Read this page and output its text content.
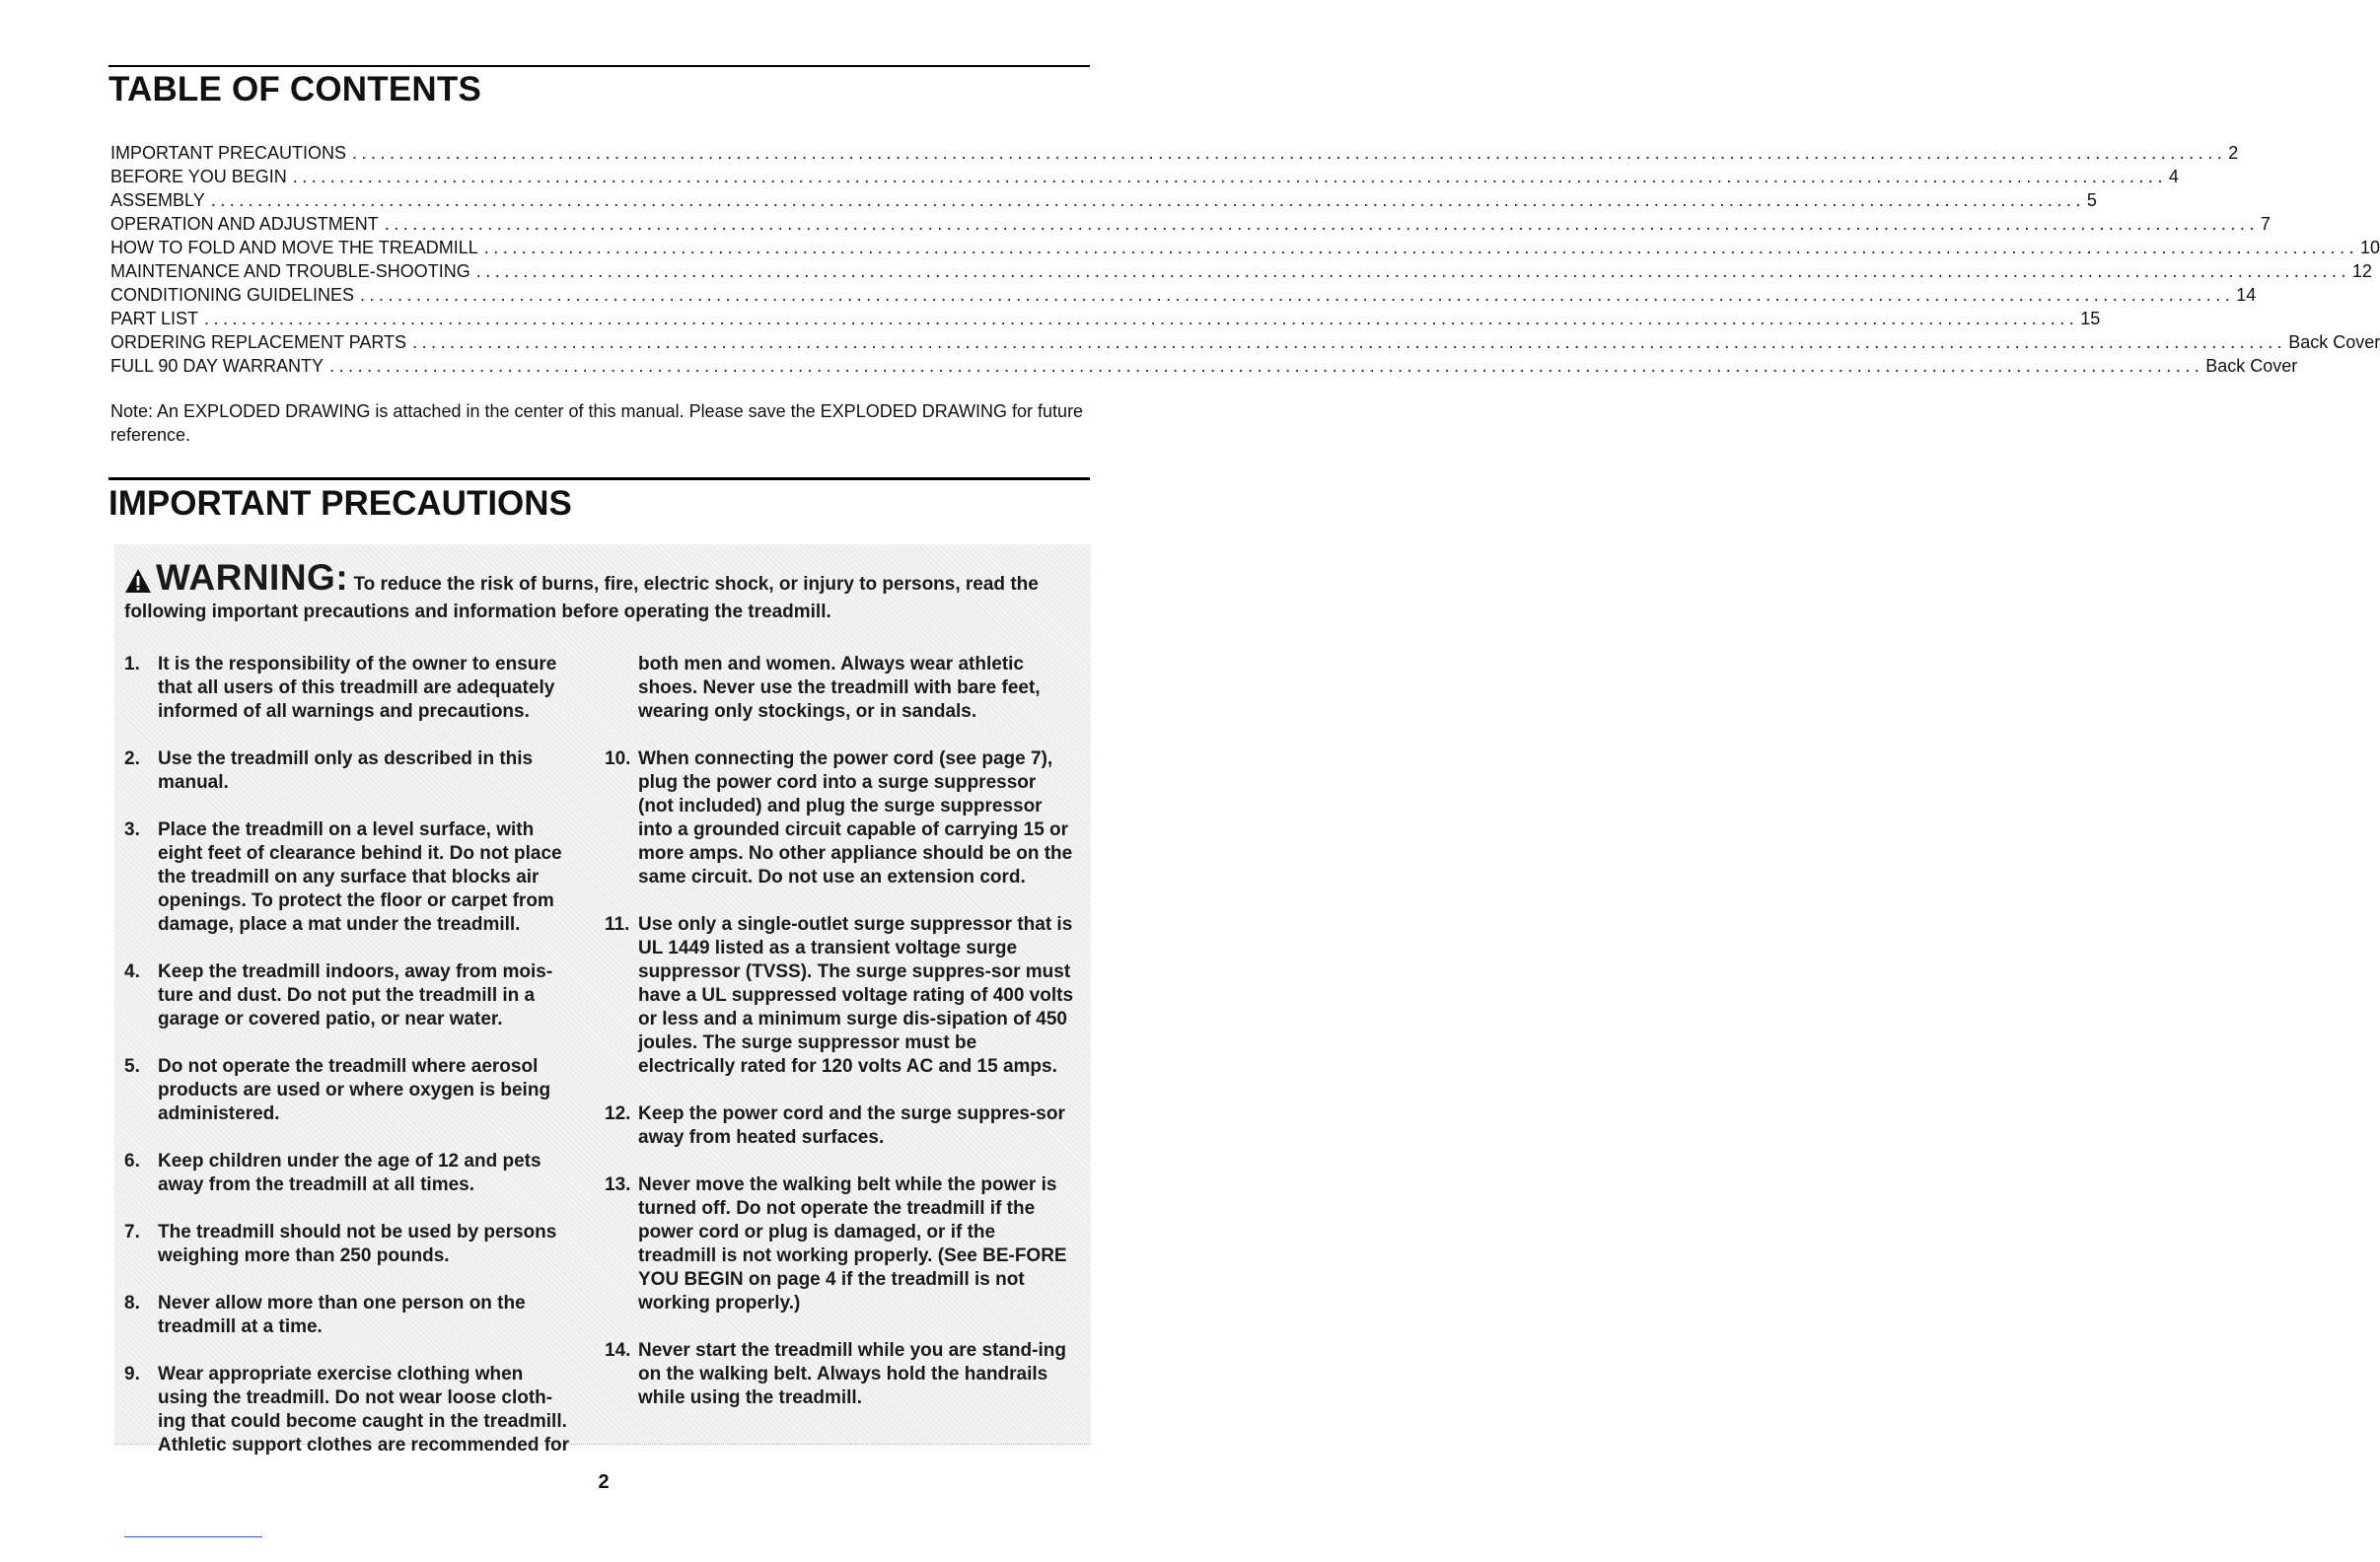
TABLE OF CONTENTS
IMPORTANT PRECAUTIONS ........................................................................................................................................................................................................ 2
BEFORE YOU BEGIN ........................................................................................................................................................................................................ 4
ASSEMBLY ........................................................................................................................................................................................................ 5
OPERATION AND ADJUSTMENT ........................................................................................................................................................................................................ 7
HOW TO FOLD AND MOVE THE TREADMILL ........................................................................................................................................................................................................ 10
MAINTENANCE AND TROUBLE-SHOOTING ........................................................................................................................................................................................................ 12
CONDITIONING GUIDELINES ........................................................................................................................................................................................................ 14
PART LIST ........................................................................................................................................................................................................ 15
ORDERING REPLACEMENT PARTS ........................................................................................................................................................................................................ Back Cover
FULL 90 DAY WARRANTY ........................................................................................................................................................................................................ Back Cover

Note: An EXPLODED DRAWING is attached in the center of this manual. Please save the EXPLODED DRAWING for future reference.

IMPORTANT PRECAUTIONS
WARNING: To reduce the risk of burns, fire, electric shock, or injury to persons, read the following important precautions and information before operating the treadmill.
1. It is the responsibility of the owner to ensure that all users of this treadmill are adequately informed of all warnings and precautions.
2. Use the treadmill only as described in this manual.
3. Place the treadmill on a level surface, with eight feet of clearance behind it. Do not place the treadmill on any surface that blocks air openings. To protect the floor or carpet from damage, place a mat under the treadmill.
4. Keep the treadmill indoors, away from mois-ture and dust. Do not put the treadmill in a garage or covered patio, or near water.
5. Do not operate the treadmill where aerosol products are used or where oxygen is being administered.
6. Keep children under the age of 12 and pets away from the treadmill at all times.
7. The treadmill should not be used by persons weighing more than 250 pounds.
8. Never allow more than one person on the treadmill at a time.
9. Wear appropriate exercise clothing when using the treadmill. Do not wear loose cloth-ing that could become caught in the treadmill. Athletic support clothes are recommended for
both men and women. Always wear athletic shoes. Never use the treadmill with bare feet, wearing only stockings, or in sandals.
10. When connecting the power cord (see page 7), plug the power cord into a surge suppressor (not included) and plug the surge suppressor into a grounded circuit capable of carrying 15 or more amps. No other appliance should be on the same circuit. Do not use an extension cord.
11. Use only a single-outlet surge suppressor that is UL 1449 listed as a transient voltage surge suppressor (TVSS). The surge suppres-sor must have a UL suppressed voltage rating of 400 volts or less and a minimum surge dis-sipation of 450 joules. The surge suppressor must be electrically rated for 120 volts AC and 15 amps.
12. Keep the power cord and the surge suppres-sor away from heated surfaces.
13. Never move the walking belt while the power is turned off. Do not operate the treadmill if the power cord or plug is damaged, or if the treadmill is not working properly. (See BE-FORE YOU BEGIN on page 4 if the treadmill is not working properly.)
14. Never start the treadmill while you are stand-ing on the walking belt. Always hold the handrails while using the treadmill.
2
